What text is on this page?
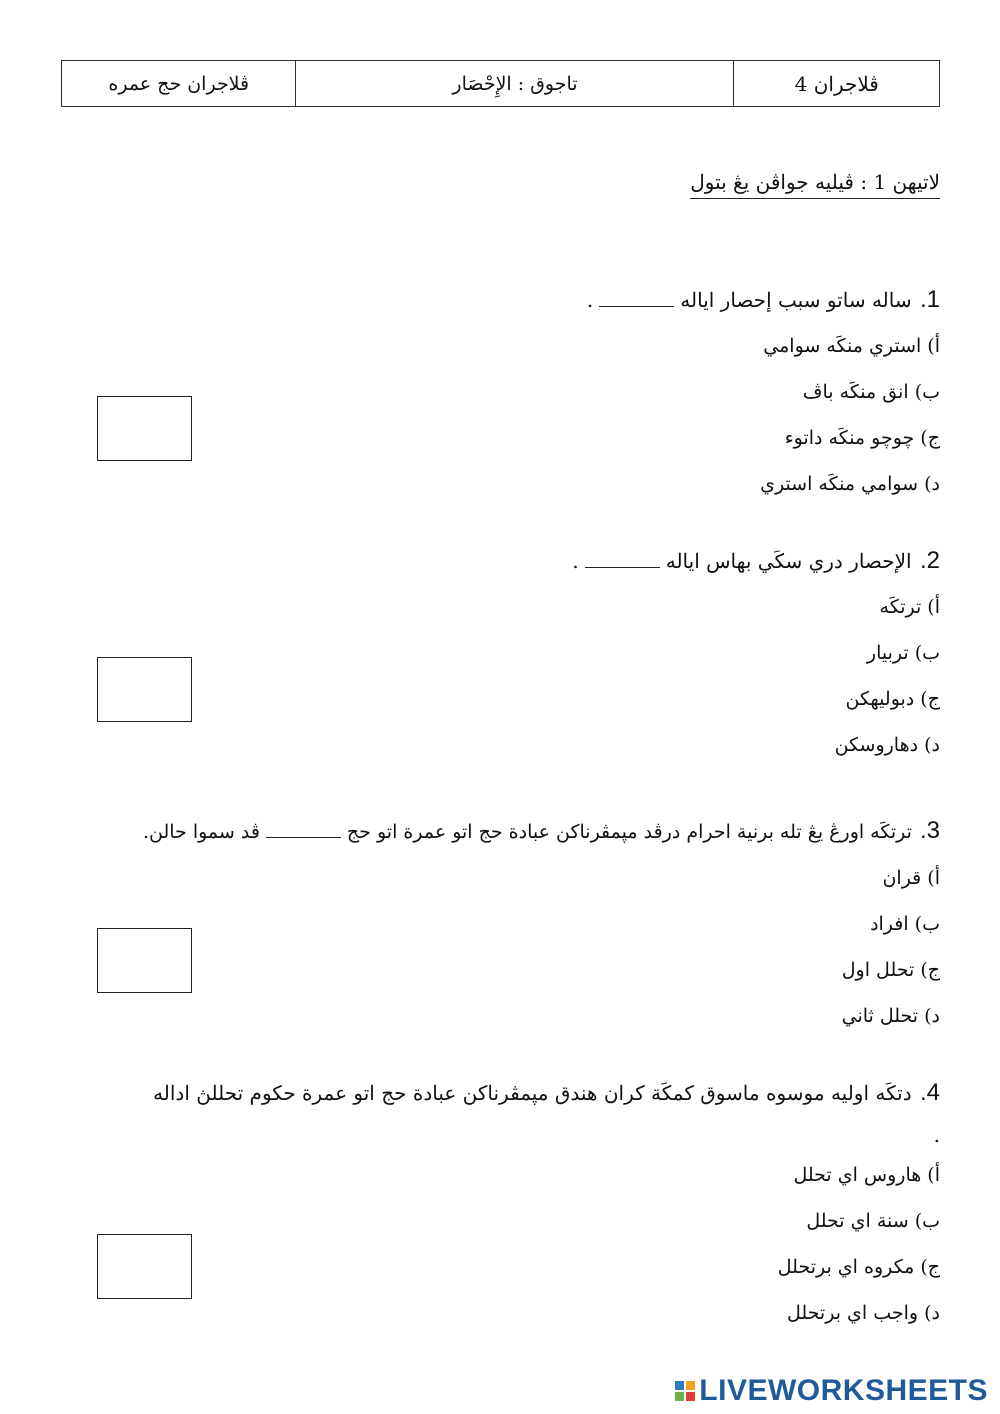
ڤلاجران 4
تاجوق : الإِحْصَار
ڤلاجران حج عمره
لاتيهن 1 : ڤيليه جواڤن يڠ بتول
1. ساله ساتو سبب إحصار اياله.
أ) استري منكَه سوامي
ب) انق منكَه باڤ
ج) چوچو منكَه داتوء
د) سوامي منكَه استري
2. الإحصار دري سكَي بهاس اياله.
أ) ترتكَه
ب) تربيار
ج) دبوليهكن
د) دهاروسكن
3. ترتكَه اورڠ يڠ تله برنية احرام درڤد مپمڤرناكن عبادة حج اتو عمرة اتو حجڤد سموا حالن.
أ) قران
ب) افراد
ج) تحلل اول
د) تحلل ثاني
4. دتكَه اوليه موسوه ماسوق كمكَة كران هندق مپمڤرناكن عبادة حج اتو عمرة حكوم تحللڽ اداله
.
أ) هاروس اي تحلل
ب) سنة اي تحلل
ج) مكروه اي برتحلل
د) واجب اي برتحلل
LIVEWORKSHEETS
